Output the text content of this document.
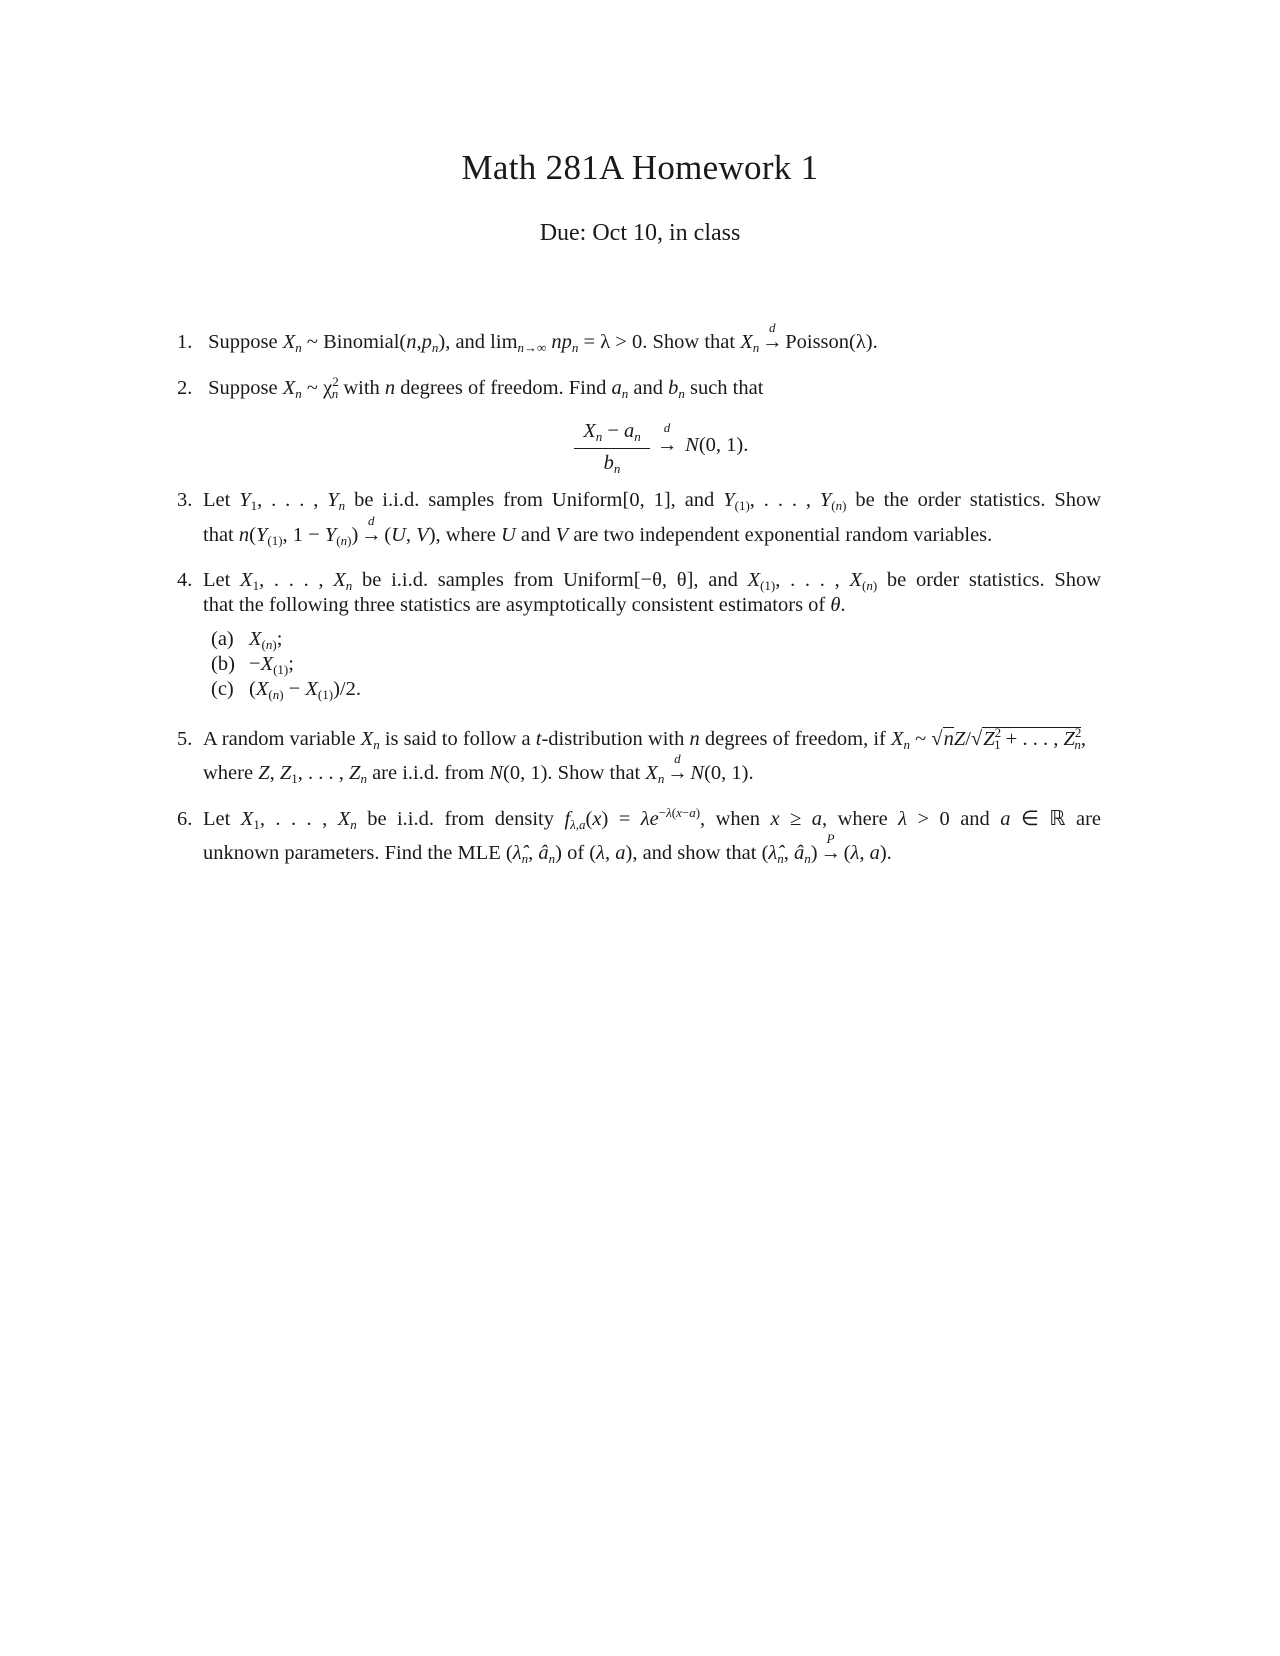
Math 281A Homework 1
Due: Oct 10, in class
1. Suppose $X_n$ ~ $Binomial(n,p_n)$, and $\lim_{n\to\infty} np_n = \lambda > 0$. Show that $X_n$
d
→ Poisson(λ).
2. Suppose $X_n$ ~ $\chi^2_n$ with n degrees of freedom. Find $a_n$ and $b_n$ such that
$X_n - a_n$
$b_n$
d
→ N(0, 1).
3. Let $Y_1$, . . . , $Y_n$ be i.i.d. samples from Uniform[0, 1], and $Y_{(1)}$, . . . , $Y_{(n)}$ be the order statistics. Show
that $n(Y_{(1)}$, $1 - Y_{(n)}$)
d
→ (U, V), where U and V are two independent exponential random variables.
4. Let $X_1$, . . . , $X_n$ be i.i.d. samples from Uniform[−θ, θ], and $X_{(1)}$, . . . , $X_{(n)}$ be order statistics. Show
that the following three statistics are asymptotically consistent estimators of θ.
(a) $X_{(n)}$;
$(b) -X_{(1)}$;
(c) $(X_{(n)} - X_{(1)})/2$.
5. A random variable $X_n$ is said to follow a t-distribution with n degrees of freedom, if $X_n$ ~ $√nZ/√Z^2_1$ + . . . , $Z^2_n$,
where Z, $Z_1$, . . . , $Z_n$ are i.i.d. from N(0, 1). Show that $X_n$
d
→ N(0, 1).
6. Let $X_1$, . . . , $X_n$ be i.i.d. from density $f_{\lambda,a}(x) = \lambda e^{-\lambda(x-a)}$, when x ≥ a, where λ > 0 and a ∈ ℝ are
unknown parameters. Find the MLE ($\lambdâ_n$, $â_n$) of (λ, a), and show that ($\lambdâ_n$, $â_n$)
P
→ (λ, a).
